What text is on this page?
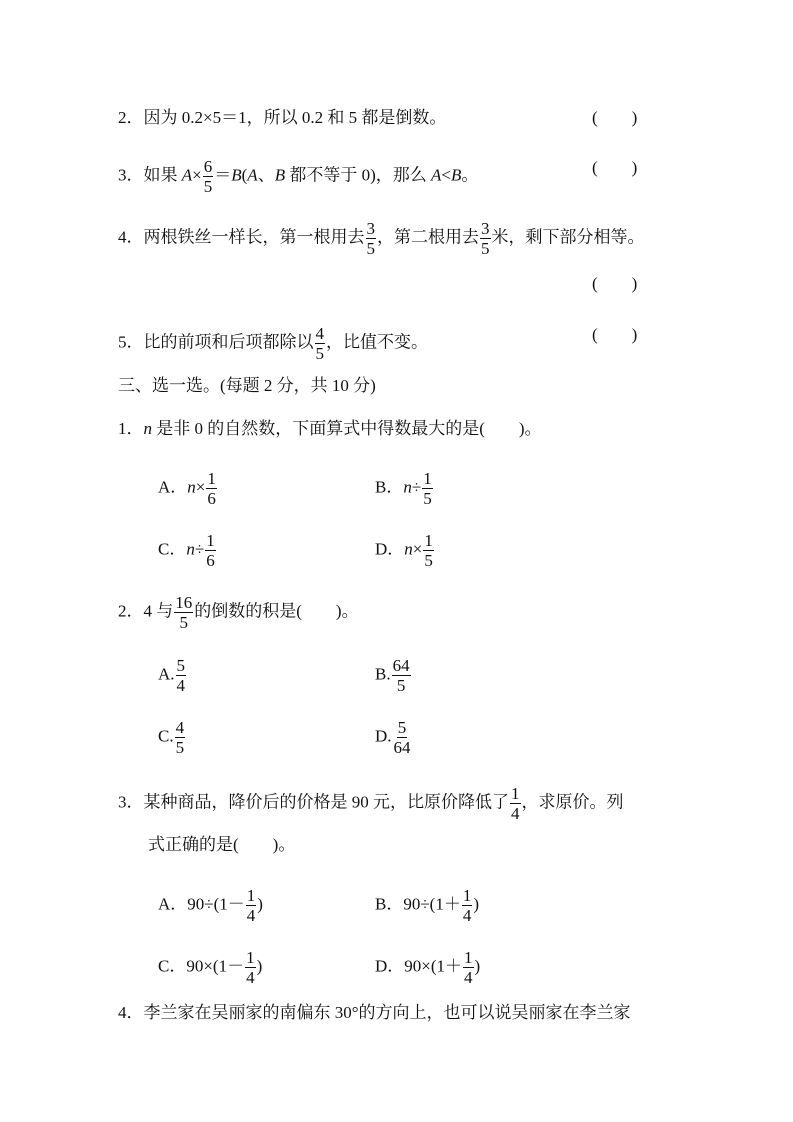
2．因为 0.2×5＝1，所以 0.2 和 5 都是倒数。	(　　)
3．如果 $A\times \frac{6}{5} =B(A$、B 都不等于 0)，那么 A<B。	(　　)
4．两根铁丝一样长，第一根用去 $\frac{3}{5}$ ，第二根用去 $\frac{3}{5}$ 米，剩下部分相等。
(　　)
5．比的前项和后项都除以 $\frac{4}{5}$ ，比值不变。	(　　)
三、选一选。(每题 2 分，共 10 分)
1．n 是非 0 的自然数，下面算式中得数最大的是(　　)。
A．$n\times \frac{1}{6}$	B．$n\div \frac{1}{5}$
C．$n\div \frac{1}{6}$	D．$n\times \frac{1}{5}$
2．4 与 $\frac{16}{5}$ 的倒数的积是(　　)。
A. $\frac{5}{4}$	B. $\frac{64}{5}$
C. $\frac{4}{5}$	D. $\frac{5}{64}$
3．某种商品，降价后的价格是 90 元，比原价降低了 $\frac{1}{4}$ ，求原价。列
式正确的是(　　)。
A．$90\div(1- \frac{1}{4}$ )	B．$90\div(1+ \frac{1}{4}$ )
C．$90\times(1- \frac{1}{4}$ )	D．$90\times(1+ \frac{1}{4}$ )
4．李兰家在吴丽家的南偏东 30°的方向上，也可以说吴丽家在李兰家
